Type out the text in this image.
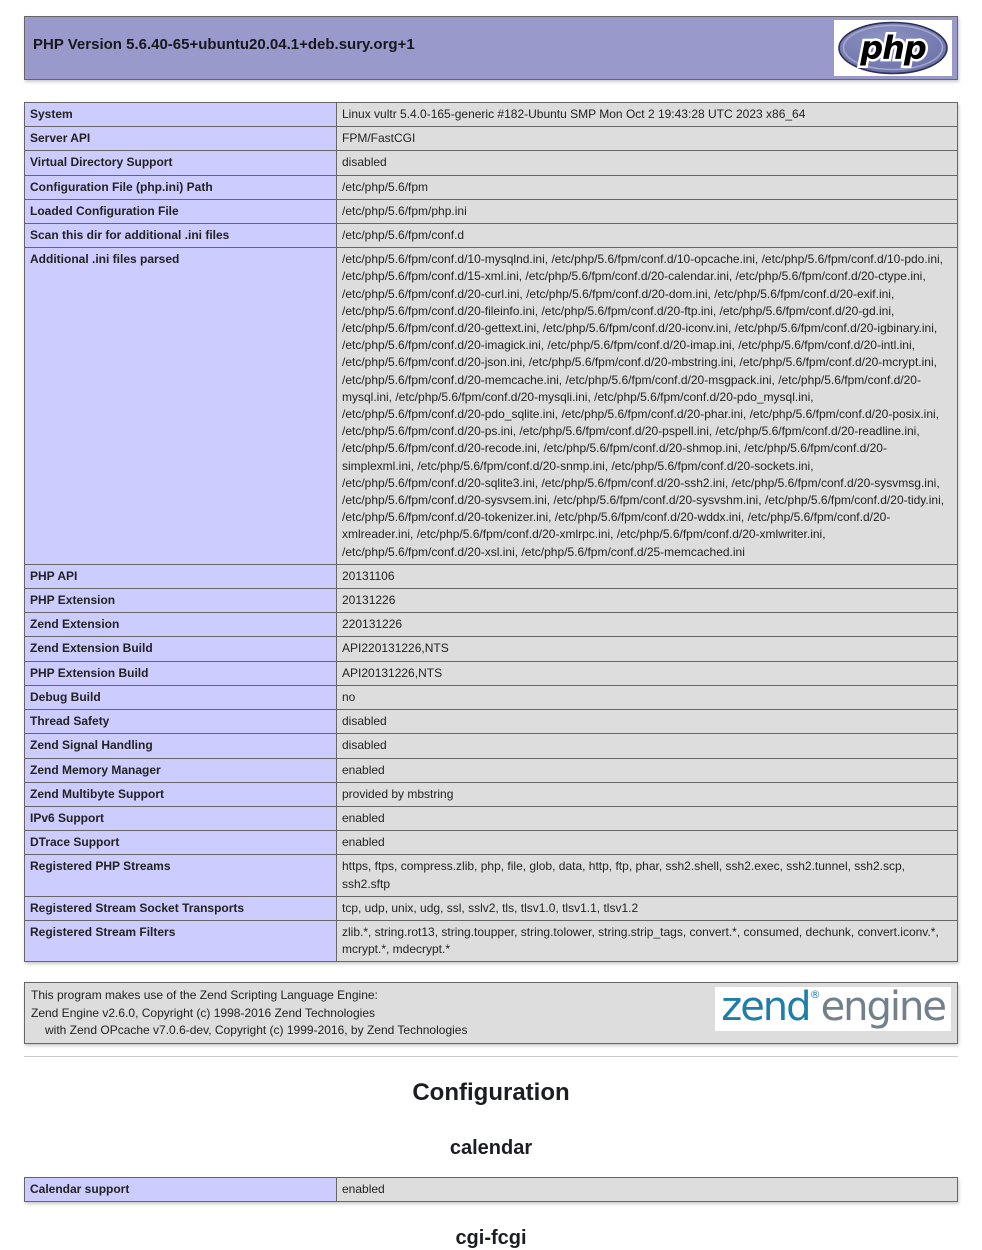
php
PHP Version 5.6.40-65+ubuntu20.04.1+deb.sury.org+1
System	Linux vultr 5.4.0-165-generic #182-Ubuntu SMP Mon Oct 2 19:43:28 UTC 2023 x86_64
Server API	FPM/FastCGI
Virtual Directory Support	disabled
Configuration File (php.ini) Path	/etc/php/5.6/fpm
Loaded Configuration File	/etc/php/5.6/fpm/php.ini
Scan this dir for additional .ini files	/etc/php/5.6/fpm/conf.d
Additional .ini files parsed	/etc/php/5.6/fpm/conf.d/10-mysqlnd.ini, /etc/php/5.6/fpm/conf.d/10-opcache.ini, /etc/php/5.6/fpm/conf.d/10-pdo.ini, /etc/php/5.6/fpm/conf.d/15-xml.ini, /etc/php/5.6/fpm/conf.d/20-calendar.ini, /etc/php/5.6/fpm/conf.d/20-ctype.ini, /etc/php/5.6/fpm/conf.d/20-curl.ini, /etc/php/5.6/fpm/conf.d/20-dom.ini, /etc/php/5.6/fpm/conf.d/20-exif.ini, /etc/php/5.6/fpm/conf.d/20-fileinfo.ini, /etc/php/5.6/fpm/conf.d/20-ftp.ini, /etc/php/5.6/fpm/conf.d/20-gd.ini, /etc/php/5.6/fpm/conf.d/20-gettext.ini, /etc/php/5.6/fpm/conf.d/20-iconv.ini, /etc/php/5.6/fpm/conf.d/20-igbinary.ini, /etc/php/5.6/fpm/conf.d/20-imagick.ini, /etc/php/5.6/fpm/conf.d/20-imap.ini, /etc/php/5.6/fpm/conf.d/20-intl.ini, /etc/php/5.6/fpm/conf.d/20-json.ini, /etc/php/5.6/fpm/conf.d/20-mbstring.ini, /etc/php/5.6/fpm/conf.d/20-mcrypt.ini, /etc/php/5.6/fpm/conf.d/20-memcache.ini, /etc/php/5.6/fpm/conf.d/20-msgpack.ini, /etc/php/5.6/fpm/conf.d/20-mysql.ini, /etc/php/5.6/fpm/conf.d/20-mysqli.ini, /etc/php/5.6/fpm/conf.d/20-pdo_mysql.ini, /etc/php/5.6/fpm/conf.d/20-pdo_sqlite.ini, /etc/php/5.6/fpm/conf.d/20-phar.ini, /etc/php/5.6/fpm/conf.d/20-posix.ini, /etc/php/5.6/fpm/conf.d/20-ps.ini, /etc/php/5.6/fpm/conf.d/20-pspell.ini, /etc/php/5.6/fpm/conf.d/20-readline.ini, /etc/php/5.6/fpm/conf.d/20-recode.ini, /etc/php/5.6/fpm/conf.d/20-shmop.ini, /etc/php/5.6/fpm/conf.d/20-simplexml.ini, /etc/php/5.6/fpm/conf.d/20-snmp.ini, /etc/php/5.6/fpm/conf.d/20-sockets.ini, /etc/php/5.6/fpm/conf.d/20-sqlite3.ini, /etc/php/5.6/fpm/conf.d/20-ssh2.ini, /etc/php/5.6/fpm/conf.d/20-sysvmsg.ini, /etc/php/5.6/fpm/conf.d/20-sysvsem.ini, /etc/php/5.6/fpm/conf.d/20-sysvshm.ini, /etc/php/5.6/fpm/conf.d/20-tidy.ini, /etc/php/5.6/fpm/conf.d/20-tokenizer.ini, /etc/php/5.6/fpm/conf.d/20-wddx.ini, /etc/php/5.6/fpm/conf.d/20-xmlreader.ini, /etc/php/5.6/fpm/conf.d/20-xmlrpc.ini, /etc/php/5.6/fpm/conf.d/20-xmlwriter.ini, /etc/php/5.6/fpm/conf.d/20-xsl.ini, /etc/php/5.6/fpm/conf.d/25-memcached.ini
PHP API	20131106
PHP Extension	20131226
Zend Extension	220131226
Zend Extension Build	API220131226,NTS
PHP Extension Build	API20131226,NTS
Debug Build	no
Thread Safety	disabled
Zend Signal Handling	disabled
Zend Memory Manager	enabled
Zend Multibyte Support	provided by mbstring
IPv6 Support	enabled
DTrace Support	enabled
Registered PHP Streams	https, ftps, compress.zlib, php, file, glob, data, http, ftp, phar, ssh2.shell, ssh2.exec, ssh2.tunnel, ssh2.scp, ssh2.sftp
Registered Stream Socket Transports	tcp, udp, unix, udg, ssl, sslv2, tls, tlsv1.0, tlsv1.1, tlsv1.2
Registered Stream Filters	zlib.*, string.rot13, string.toupper, string.tolower, string.strip_tags, convert.*, consumed, dechunk, convert.iconv.*, mcrypt.*, mdecrypt.*
zend®engine
This program makes use of the Zend Scripting Language Engine:
Zend Engine v2.6.0, Copyright (c) 1998-2016 Zend Technologies
with Zend OPcache v7.0.6-dev, Copyright (c) 1999-2016, by Zend Technologies
Configuration
calendar
Calendar support	enabled
cgi-fcgi
